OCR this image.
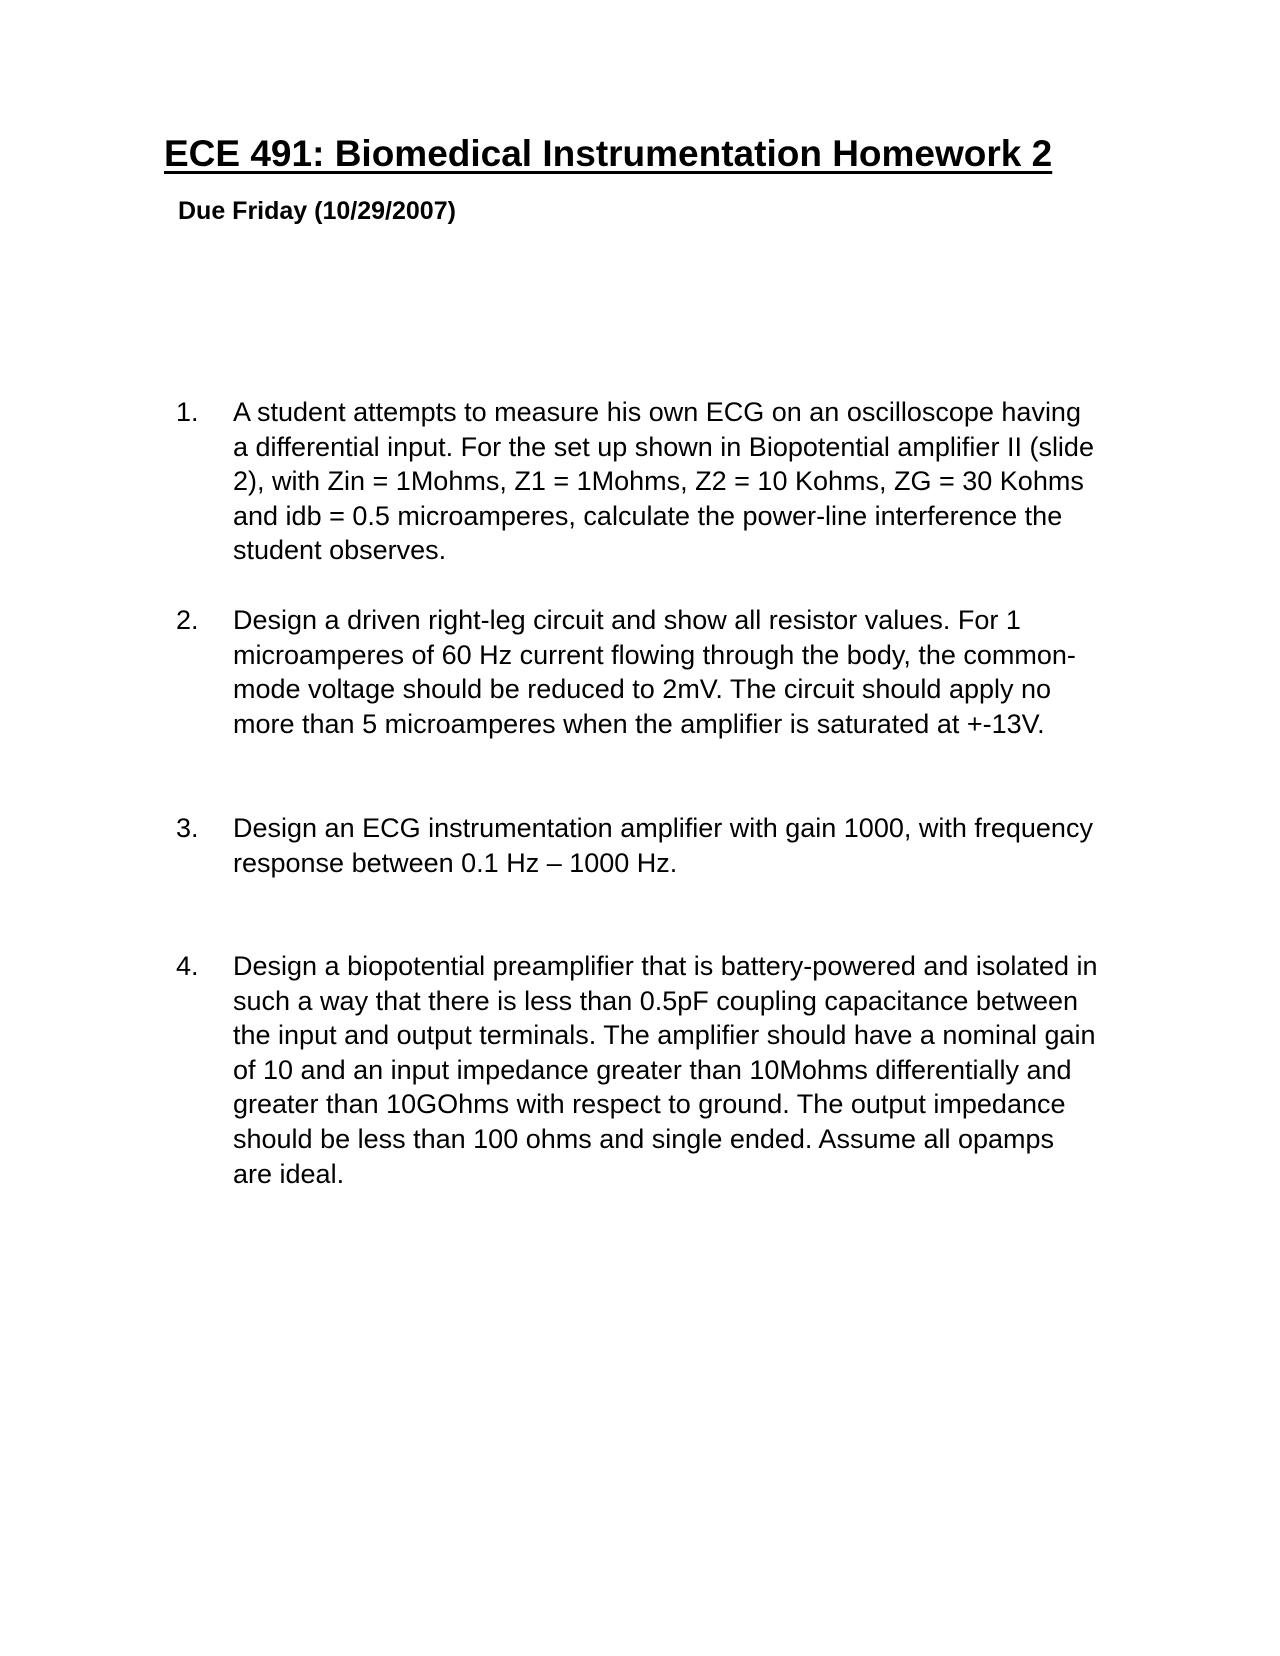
ECE 491: Biomedical Instrumentation Homework 2

Due Friday (10/29/2007)

1. A student attempts to measure his own ECG on an oscilloscope having a differential input. For the set up shown in Biopotential amplifier II (slide 2), with Zin = 1Mohms, Z1 = 1Mohms, Z2 = 10 Kohms, ZG = 30 Kohms and idb = 0.5 microamperes, calculate the power-line interference the student observes.
2. Design a driven right-leg circuit and show all resistor values. For 1 microamperes of 60 Hz current flowing through the body, the common-mode voltage should be reduced to 2mV. The circuit should apply no more than 5 microamperes when the amplifier is saturated at +-13V.
3. Design an ECG instrumentation amplifier with gain 1000, with frequency response between 0.1 Hz – 1000 Hz.
4. Design a biopotential preamplifier that is battery-powered and isolated in such a way that there is less than 0.5pF coupling capacitance between the input and output terminals. The amplifier should have a nominal gain of 10 and an input impedance greater than 10Mohms differentially and greater than 10GOhms with respect to ground. The output impedance should be less than 100 ohms and single ended. Assume all opamps are ideal.
